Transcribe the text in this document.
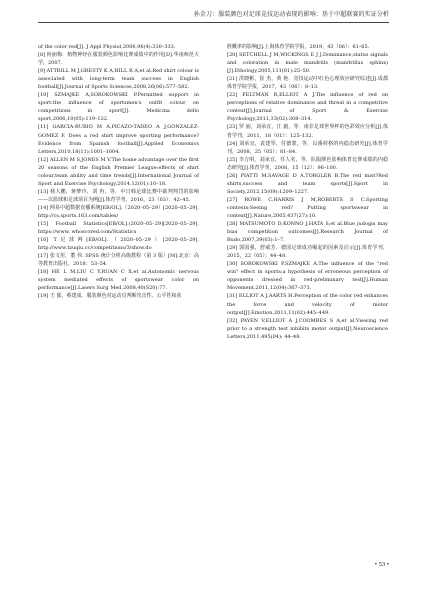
孙金刀：服装颜色对足球竞技运动表现的影响：基于中超联赛的实证分析

of the color red[J]. J Appl Physiol,2006,96(4):330–333.

[8] 何丽梅．植物神经在服装颜色影响比赛成绩中的作用[D].华南师范大学，2007.

[9] ATTRILL M J,GRESTY K A,HILL R A,et al.Red shirt colour is associated with long-term team success in English football[J].Journal of Sports Sciences,2008,26(06):577–582.

[10] SZMAJKE A,SOROKOWSKI P.Permitted support in sport:the influence of sportsmen's outfit colour on competitions in sport[J]. Medicina dello sport,2006,10(05):119–122.

[11] GARCIA-RUBIO M A,PICAZO-TADEO A J,GONZALEZ-GOMEZ F. Does a red shirt improve sporting performance?Evidence from Spanish football[J].Applied Economics Letters,2010,18(11):1001–1004.

[12] ALLEN M S,JONES M V.The home advantage over the first 20 seasons of the English Premier League:effects of shirt colour,team ability and time trends[J].International Journal of Sport and Exercise Psychology,2014,12(01):10–18.

[13] 杨大鹏，蒋梦玲，刘 冉，等．中日韩足球比赛中裁判判罚的影响——以篮球和足球项目为例[J].体育学刊，2016，23（03）：42–45.

[14] 网易中超数据直播系统[EB/OL].（2020–05–29）[2020–05–29]. http://cs.sports.163.com/tables/

[15] Football Statistics[EB/OL].(2020–05–29)[2020–05–29]. https://www. whoscored.com/Statistics

[16] T足球网[EB/OL].（2020–05–29）[2020–05–29]. http://www.tzuqiu.cc/competitions/3/show.do

[17] 张文彤，董 伟. SPSS 统计分析高级教程（第 3 版）[M].北京：高等教育出版社，2018：53–54.

[18] HE L M,LIU C Y,RUAN C X,et al.Autonomic nervous system mediated effects of sportswear color on performance[J].Lasers Surg Med,2008,40(S20):77.

[19] 王 郁，蔡建成．服装颜色对运动员判断攻击性、公平性和获

胜概率的影响[J].上海体育学院学报，2019，43（06）：61–65.

[20] SETCHELL J M,WICKINGS E J J.Dominance,status signals and coloration in male mandrills (mandrillus sphinx)[J].Ethology,2005,111(01):25–50.

[21] 洪晓彬，崔 杰，黄 艳．竞技运动中红色心理效应研究综述[J].成都体育学院学报，2017，43（06）：8–13.

[22] FELTMAN R,ELLIOT A J.The influence of red on perceptions of relative dominance and threat in a competitive context[J].Journal of Sport & Exercise Psychology,2011,33(02):308–314.

[23] 罗 丽，刘承宜，江 毅，等．南非足球世界杯的色彩效应分析[J].体育学刊，2011，18（01）：125–132.

[24] 刘承宜，袁建琴，付德蒙，等．以番荷格的内稳态研究[J].体育学刊，2008，25（05）：81–84.

[25] 李方明，刘承宜，任人名，等．队服颜色影响体育比赛成绩的内稳态研究[J].体育学刊，2008，15（12）：96–100.

[26] PIATTI M,SAVAGE D A,TORGLER B.The red mist?Red shirts,success and team sports[J].Sport in Society,2012,15(09):1209–1227.

[27] ROWE C,HARRIS J M,ROBERTS S C.Sporting contests:Seeing red? Putting sportswear in context[J].Nature,2005,437(27):10.

[28] MATSUMOTO D,KONNO J,HATA S,et al.Blue judogis may bias competition outcomes[J].Research Journal of Budo,2007,39(03):1–7.

[29] 郭国强，舒威芳．德国足球成功崛起的因素及启示[J].体育学刊，2015，22（05）：44–48.

[30] SOROKOWSKI P,SZMAJKE A.The influence of the "red win" effect in sports:a hypothesis of erroneous perception of opponents dressed in red-preliminary test[J].Human Movement,2011,12(04):367–373.

[31] ELLIOT A J,AARTS H.Perception of the color red enhances the force and velocity of motor output[J].Emotion,2011,11(02):445–449.

[32] PAYEN V,ELLIOT A J,COOMBES S A,et al.Viewing red prior to a strength test inhibits motor output[J].Neuroscience Letters,2011,495(04): 44–48.

• 53 •
